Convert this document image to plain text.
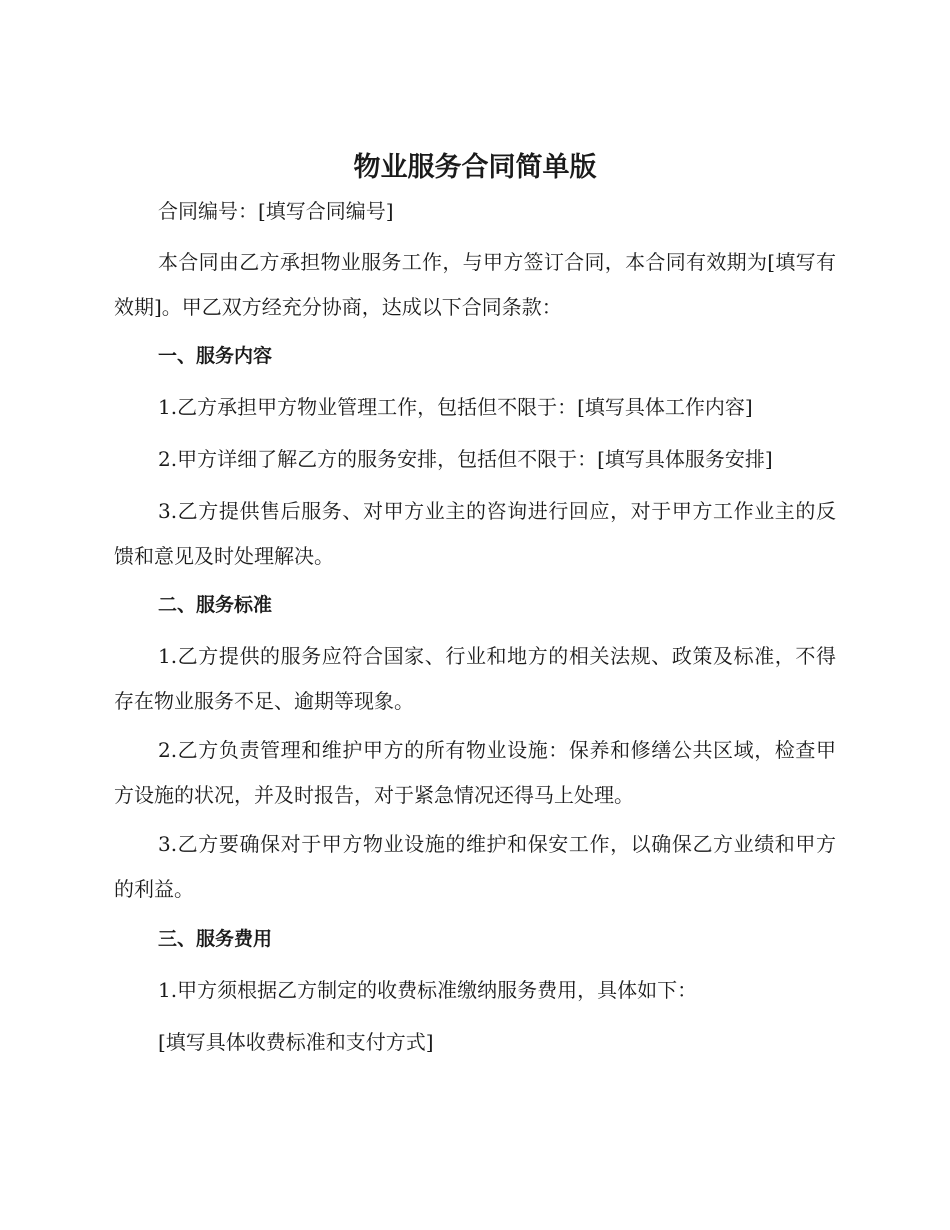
物业服务合同简单版

合同编号：[填写合同编号]

本合同由乙方承担物业服务工作，与甲方签订合同，本合同有效期为[填写有效期]。甲乙双方经充分协商，达成以下合同条款：

一、服务内容

1.乙方承担甲方物业管理工作，包括但不限于：[填写具体工作内容]

2.甲方详细了解乙方的服务安排，包括但不限于：[填写具体服务安排]

3.乙方提供售后服务、对甲方业主的咨询进行回应，对于甲方工作业主的反馈和意见及时处理解决。

二、服务标准

1.乙方提供的服务应符合国家、行业和地方的相关法规、政策及标准，不得存在物业服务不足、逾期等现象。

2.乙方负责管理和维护甲方的所有物业设施：保养和修缮公共区域，检查甲方设施的状况，并及时报告，对于紧急情况还得马上处理。

3.乙方要确保对于甲方物业设施的维护和保安工作，以确保乙方业绩和甲方的利益。

三、服务费用

1.甲方须根据乙方制定的收费标准缴纳服务费用，具体如下：

[填写具体收费标准和支付方式]
